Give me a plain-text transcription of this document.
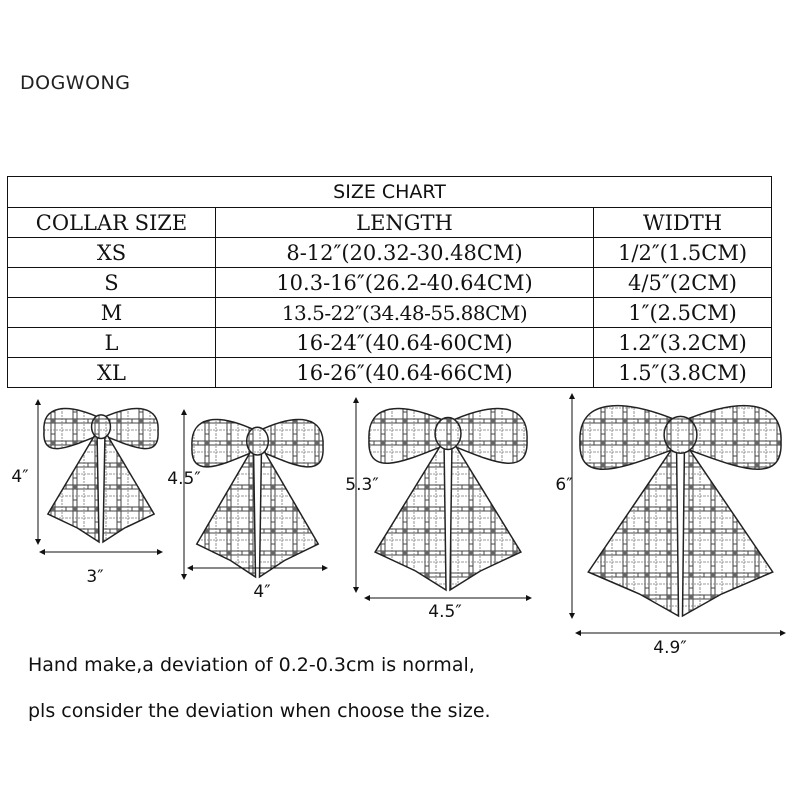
DOGWONG
SIZE CHART		
COLLAR SIZE	LENGTH	WIDTH
XS	8-12″(20.32-30.48CM)	1/2″(1.5CM)
S	10.3-16″(26.2-40.64CM)	4/5″(2CM)
M	13.5-22″(34.48-55.88CM)	1″(2.5CM)
L	16-24″(40.64-60CM)	1.2″(3.2CM)
XL	16-26″(40.64-66CM)	1.5″(3.8CM)
4″
3″
4.5″
4″
5.3″
4.5″
6″
4.9″
Hand make,a deviation of 0.2-0.3cm is normal,
pls consider the deviation when choose the size.
